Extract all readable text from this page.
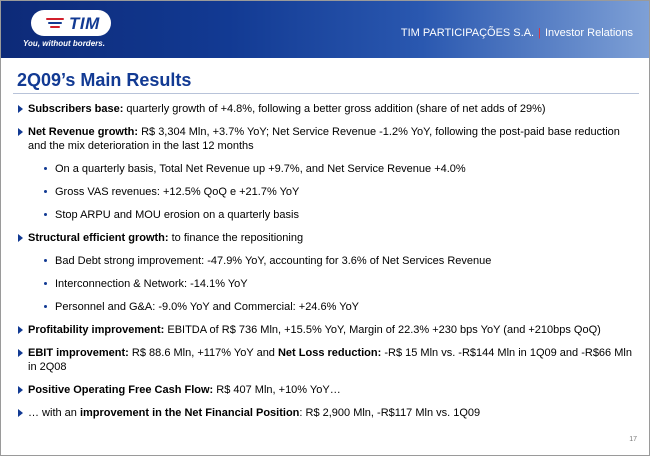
TIM
You, without borders.
TIM PARTICIPAÇÕES S.A. | Investor Relations
2Q09’s Main Results
Subscribers base: quarterly growth of +4.8%, following a better gross addition (share of net adds of 29%)
Net Revenue growth: R$ 3,304 Mln, +3.7% YoY; Net Service Revenue -1.2% YoY, following the post-paid base reduction and the mix deterioration in the last 12 months
On a quarterly basis, Total Net Revenue up +9.7%, and Net Service Revenue +4.0%
Gross VAS revenues: +12.5% QoQ e +21.7% YoY
Stop ARPU and MOU erosion on a quarterly basis
Structural efficient growth: to finance the repositioning
Bad Debt strong improvement: -47.9% YoY, accounting for 3.6% of Net Services Revenue
Interconnection & Network: -14.1% YoY
Personnel and G&A: -9.0% YoY and Commercial: +24.6% YoY
Profitability improvement: EBITDA of R$ 736 Mln, +15.5% YoY, Margin of 22.3% +230 bps YoY (and +210bps QoQ)
EBIT improvement: R$ 88.6 Mln, +117% YoY and Net Loss reduction: -R$ 15 Mln vs. -R$144 Mln in 1Q09 and -R$66 Mln in 2Q08
Positive Operating Free Cash Flow: R$ 407 Mln, +10% YoY…
… with an improvement in the Net Financial Position: R$ 2,900 Mln, -R$117 Mln vs. 1Q09
17
